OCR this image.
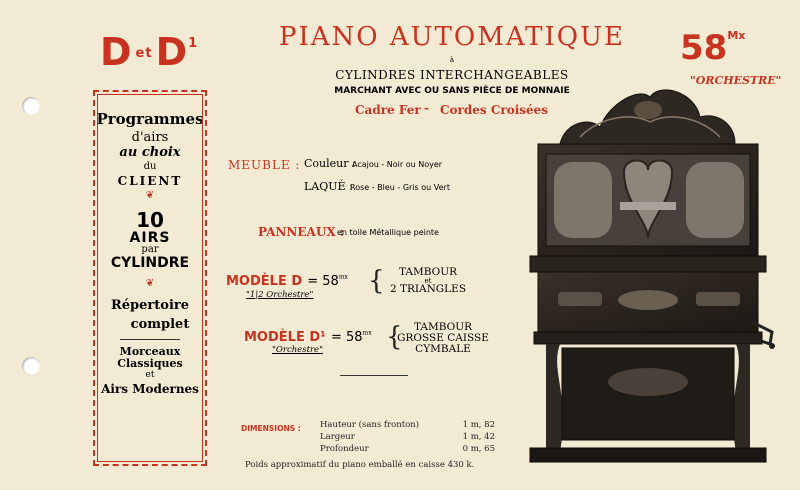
D $^{et}D^1$
Programmes
d'airs
au choix
du
CLIENT
❦
10
AIRS
par
CYLINDRE
❦
Répertoire
complet
Morceaux Classiques
et
Airs Modernes
PIANO AUTOMATIQUE
à
CYLINDRES INTERCHANGEABLES
MARCHANT AVEC OU SANS PIÈCE DE MONNAIE
Cadre Fer - Cordes Croisées
$58^{Mx}$
"ORCHESTRE"
MEUBLE : Couleur :
Acajou - Noir ou Noyer
LAQUÉ :
Rose - Bleu - Gris ou Vert
PANNEAUX :
en toile Métallique peinte
MODÈLE $D = 58^{mx}$
"1|2 Orchestre" {	TAMBOUR
et
2 TRIANGLES
MODÈLE $D^1 = 58^{mx}$
"Orchestre" {	TAMBOUR
GROSSE CAISSE
CYMBALE
DIMENSIONS : Hauteur (sans fronton)	1 m, 82
Largeur	1 m, 42
Profondeur	0 m, 65
Poids approximatif du piano emballé en caisse 430 k.
